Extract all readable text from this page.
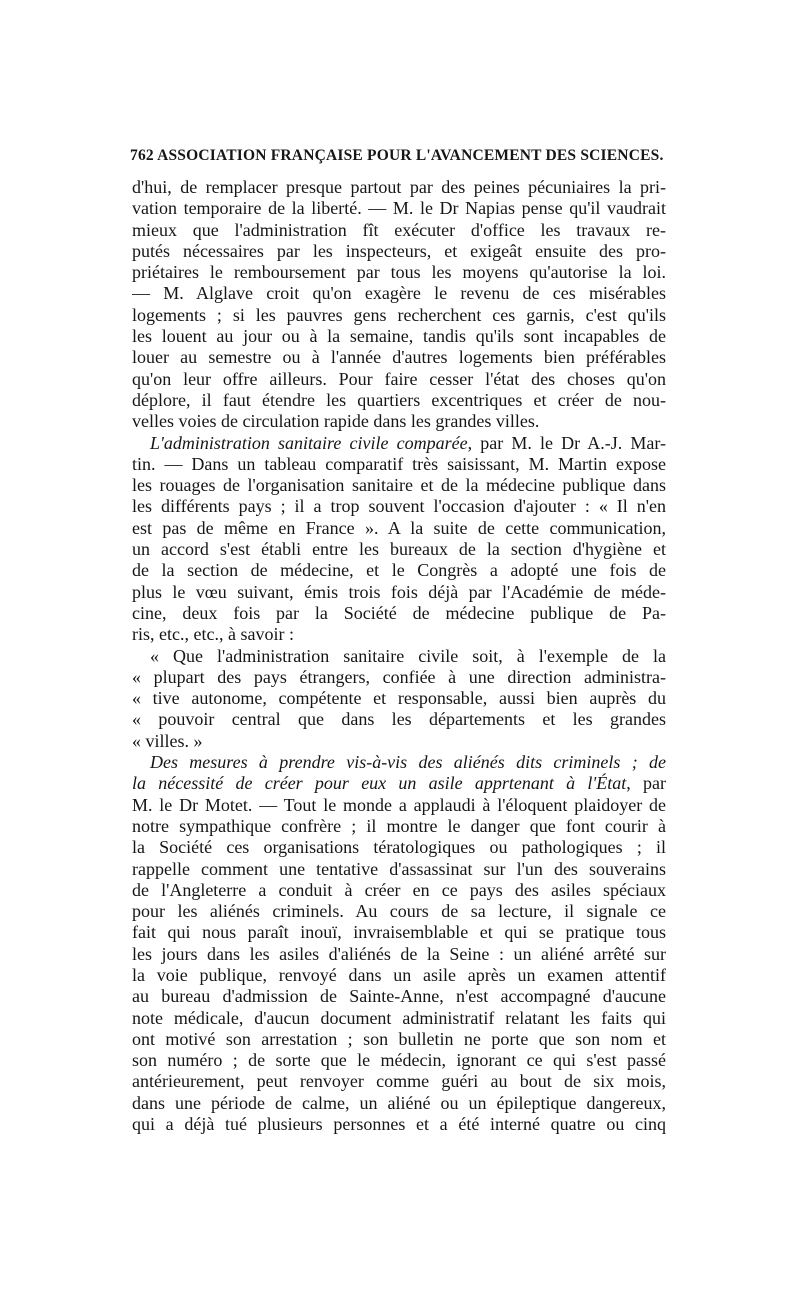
762 ASSOCIATION FRANÇAISE POUR L'AVANCEMENT DES SCIENCES.
d'hui, de remplacer presque partout par des peines pécuniaires la pri-
vation temporaire de la liberté. — M. le Dr Napias pense qu'il vaudrait
mieux que l'administration fît exécuter d'office les travaux re-
putés nécessaires par les inspecteurs, et exigeât ensuite des pro-
priétaires le remboursement par tous les moyens qu'autorise la loi.
— M. Alglave croit qu'on exagère le revenu de ces misérables
logements ; si les pauvres gens recherchent ces garnis, c'est qu'ils
les louent au jour ou à la semaine, tandis qu'ils sont incapables de
louer au semestre ou à l'année d'autres logements bien préférables
qu'on leur offre ailleurs. Pour faire cesser l'état des choses qu'on
déplore, il faut étendre les quartiers excentriques et créer de nou-
velles voies de circulation rapide dans les grandes villes.
L'administration sanitaire civile comparée, par M. le Dr A.-J. Mar-
tin. — Dans un tableau comparatif très saisissant, M. Martin expose
les rouages de l'organisation sanitaire et de la médecine publique dans
les différents pays ; il a trop souvent l'occasion d'ajouter : « Il n'en
est pas de même en France ». A la suite de cette communication,
un accord s'est établi entre les bureaux de la section d'hygiène et
de la section de médecine, et le Congrès a adopté une fois de
plus le vœu suivant, émis trois fois déjà par l'Académie de méde-
cine, deux fois par la Société de médecine publique de Pa-
ris, etc., etc., à savoir :
« Que l'administration sanitaire civile soit, à l'exemple de la
« plupart des pays étrangers, confiée à une direction administra-
« tive autonome, compétente et responsable, aussi bien auprès du
« pouvoir central que dans les départements et les grandes
« villes. »
Des mesures à prendre vis-à-vis des aliénés dits criminels ; de
la nécessité de créer pour eux un asile apprtenant à l'État, par
M. le Dr Motet. — Tout le monde a applaudi à l'éloquent plaidoyer de
notre sympathique confrère ; il montre le danger que font courir à
la Société ces organisations tératologiques ou pathologiques ; il
rappelle comment une tentative d'assassinat sur l'un des souverains
de l'Angleterre a conduit à créer en ce pays des asiles spéciaux
pour les aliénés criminels. Au cours de sa lecture, il signale ce
fait qui nous paraît inouï, invraisemblable et qui se pratique tous
les jours dans les asiles d'aliénés de la Seine : un aliéné arrêté sur
la voie publique, renvoyé dans un asile après un examen attentif
au bureau d'admission de Sainte-Anne, n'est accompagné d'aucune
note médicale, d'aucun document administratif relatant les faits qui
ont motivé son arrestation ; son bulletin ne porte que son nom et
son numéro ; de sorte que le médecin, ignorant ce qui s'est passé
antérieurement, peut renvoyer comme guéri au bout de six mois,
dans une période de calme, un aliéné ou un épileptique dangereux,
qui a déjà tué plusieurs personnes et a été interné quatre ou cinq
